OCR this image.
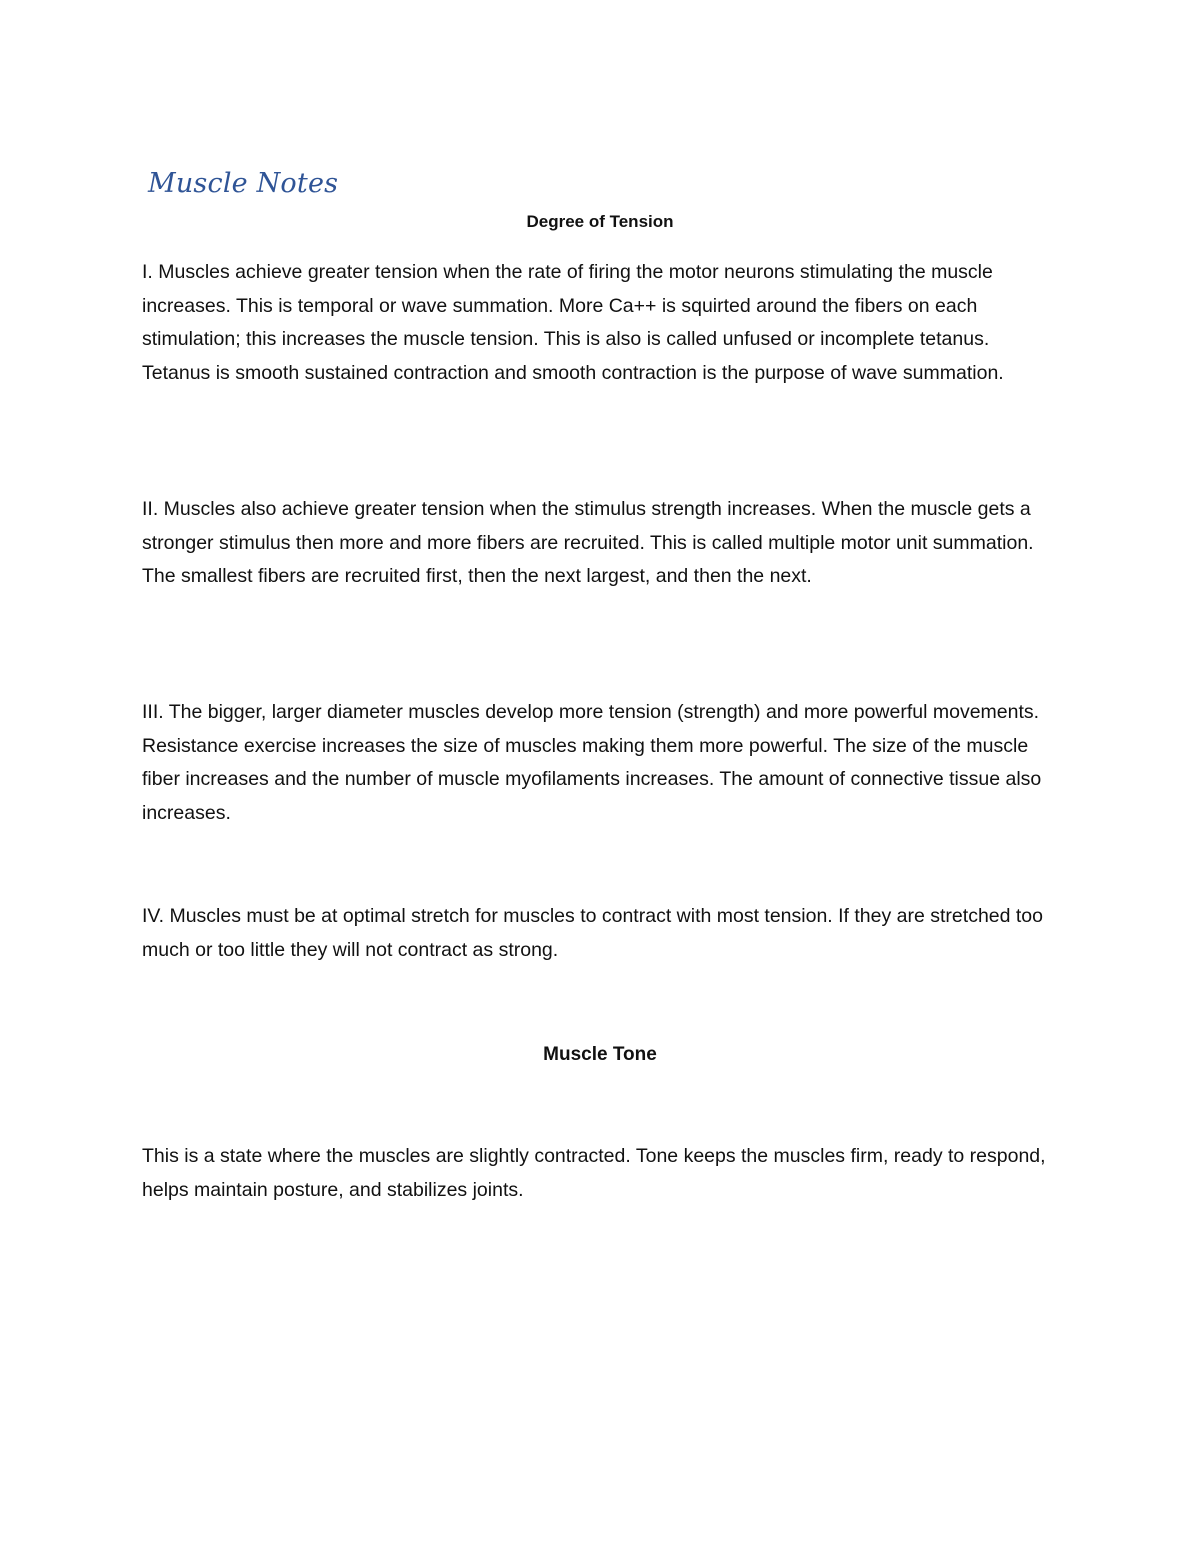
Muscle Notes
Degree of Tension

I. Muscles achieve greater tension when the rate of firing the motor neurons stimulating the muscle increases. This is temporal or wave summation. More Ca++ is squirted around the fibers on each stimulation; this increases the muscle tension. This is also is called unfused or incomplete tetanus. Tetanus is smooth sustained contraction and smooth contraction is the purpose of wave summation.

II. Muscles also achieve greater tension when the stimulus strength increases. When the muscle gets a stronger stimulus then more and more fibers are recruited. This is called multiple motor unit summation. The smallest fibers are recruited first, then the next largest, and then the next.

III. The bigger, larger diameter muscles develop more tension (strength) and more powerful movements. Resistance exercise increases the size of muscles making them more powerful. The size of the muscle fiber increases and the number of muscle myofilaments increases. The amount of connective tissue also increases.

IV. Muscles must be at optimal stretch for muscles to contract with most tension. If they are stretched too much or too little they will not contract as strong.

Muscle Tone

This is a state where the muscles are slightly contracted. Tone keeps the muscles firm, ready to respond, helps maintain posture, and stabilizes joints.
